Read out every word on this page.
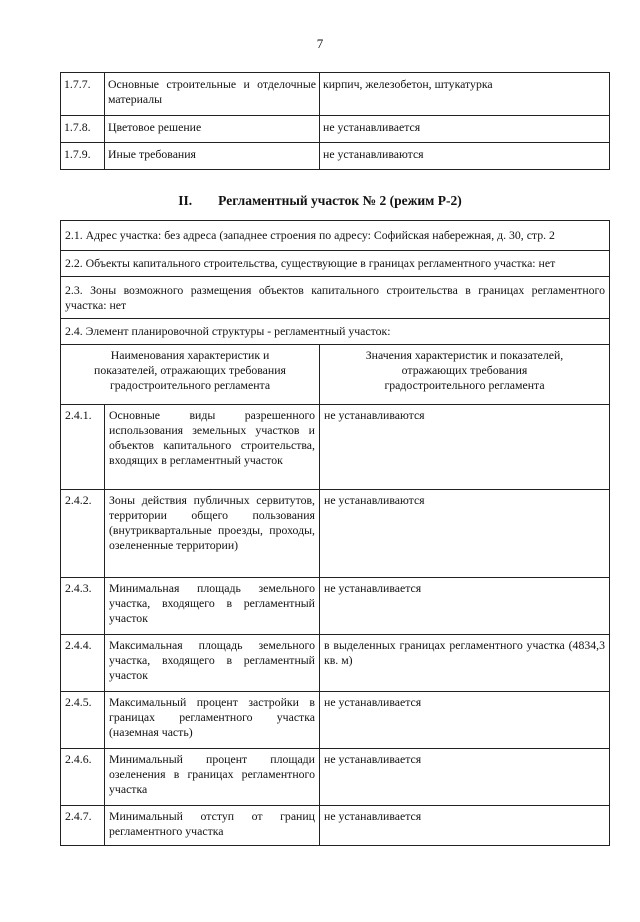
7
1.7.7.	Основные строительные и отделочные материалы	кирпич, железобетон, штукатурка
1.7.8.	Цветовое решение	не устанавливается
1.7.9.	Иные требования	не устанавливаются
II. Регламентный участок № 2 (режим Р-2)
2.1. Адрес участка: без адреса (западнее строения по адресу: Софийская набережная, д. 30, стр. 2		
2.2. Объекты капитального строительства, существующие в границах регламентного участка: нет		
2.3. Зоны возможного размещения объектов капитального строительства в границах регламентного участка: нет		
2.4. Элемент планировочной структуры - регламентный участок:		
Наименования характеристик и показателей, отражающих требования градостроительного регламента		Значения характеристик и показателей, отражающих требования градостроительного регламента
2.4.1.	Основные виды разрешенного использования земельных участков и объектов капитального строительства, входящих в регламентный участок	не устанавливаются
2.4.2.	Зоны действия публичных сервитутов, территории общего пользования (внутриквартальные проезды, проходы, озелененные территории)	не устанавливаются
2.4.3.	Минимальная площадь земельного участка, входящего в регламентный участок	не устанавливается
2.4.4.	Максимальная площадь земельного участка, входящего в регламентный участок	в выделенных границах регламентного участка (4834,3 кв. м)
2.4.5.	Максимальный процент застройки в границах регламентного участка (наземная часть)	не устанавливается
2.4.6.	Минимальный процент площади озеленения в границах регламентного участка	не устанавливается
2.4.7.	Минимальный отступ от границ регламентного участка	не устанавливается
